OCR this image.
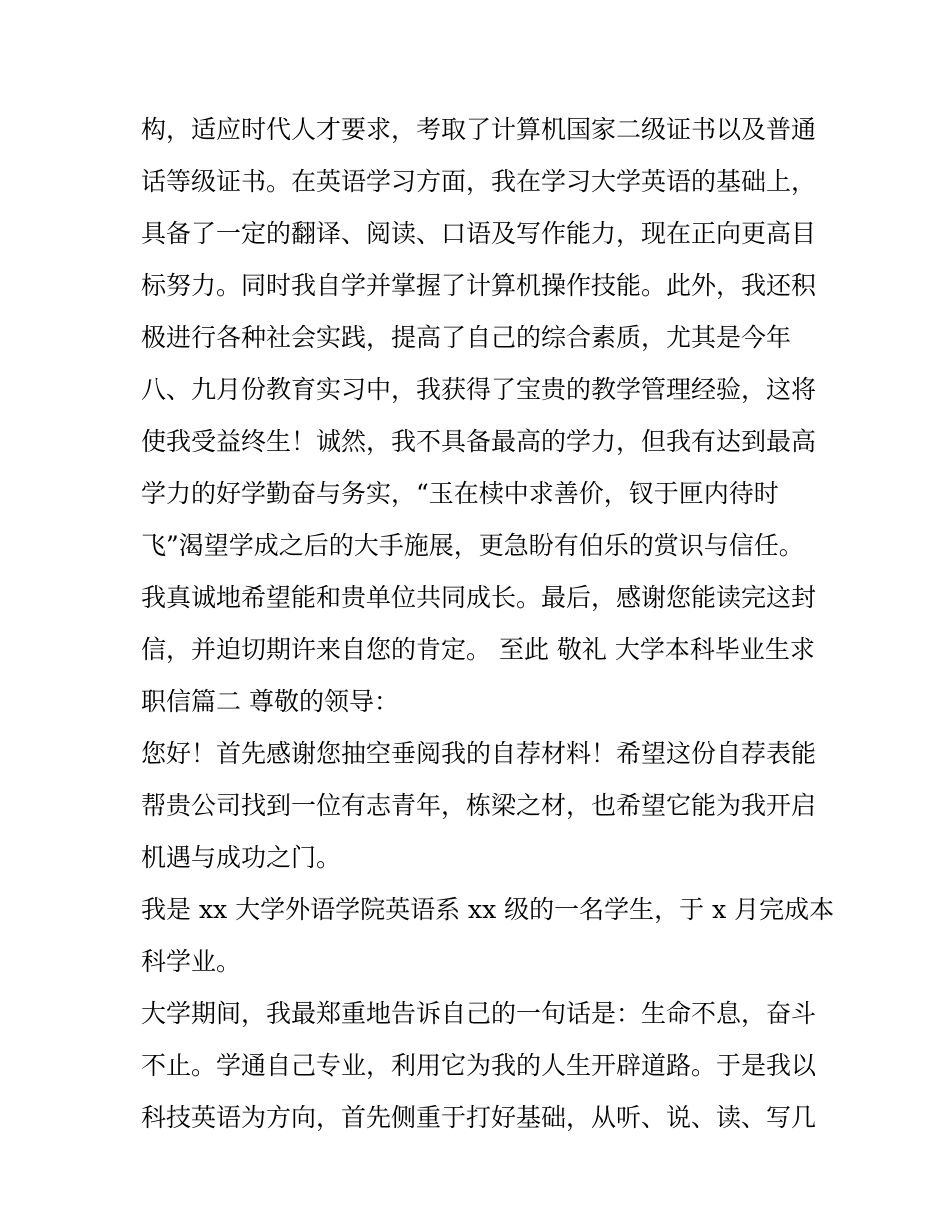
构，适应时代人才要求，考取了计算机国家二级证书以及普通
话等级证书。在英语学习方面，我在学习大学英语的基础上，
具备了一定的翻译、阅读、口语及写作能力，现在正向更高目
标努力。同时我自学并掌握了计算机操作技能。此外，我还积
极进行各种社会实践，提高了自己的综合素质，尤其是今年
八、九月份教育实习中，我获得了宝贵的教学管理经验，这将
使我受益终生！诚然，我不具备最高的学力，但我有达到最高
学力的好学勤奋与务实，“玉在椟中求善价，钗于匣内待时
飞”渴望学成之后的大手施展，更急盼有伯乐的赏识与信任。
我真诚地希望能和贵单位共同成长。最后，感谢您能读完这封
信，并迫切期许来自您的肯定。 至此 敬礼 大学本科毕业生求
职信篇二 尊敬的领导：
您好！首先感谢您抽空垂阅我的自荐材料！希望这份自荐表能
帮贵公司找到一位有志青年，栋梁之材，也希望它能为我开启
机遇与成功之门。
我是 xx 大学外语学院英语系 xx 级的一名学生，于 x 月完成本
科学业。
大学期间，我最郑重地告诉自己的一句话是：生命不息，奋斗
不止。学通自己专业，利用它为我的人生开辟道路。于是我以
科技英语为方向，首先侧重于打好基础，从听、说、读、写几
